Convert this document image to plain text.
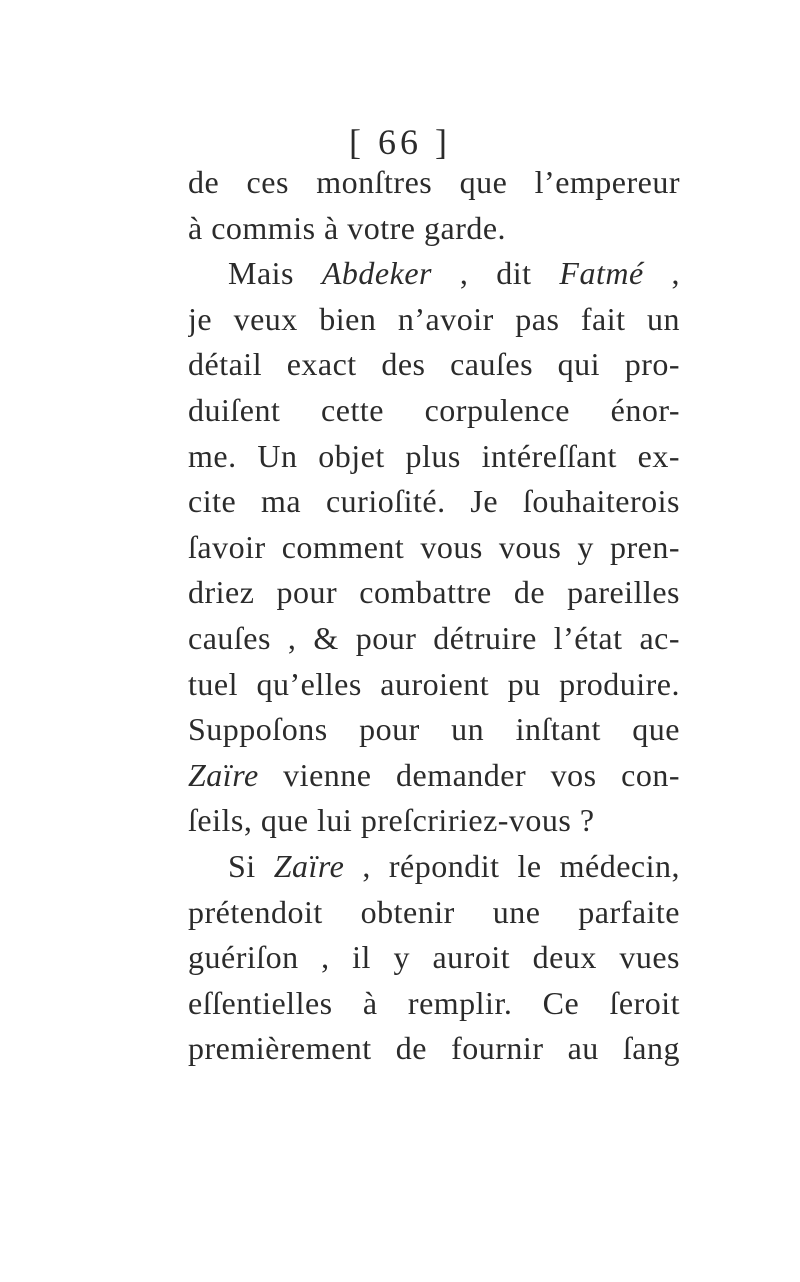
[ 66 ]
de ces monſtres que l’empereur
à commis à votre garde.
Mais Abdeker , dit Fatmé ,
je veux bien n’avoir pas fait un
détail exact des cauſes qui pro-
duiſent cette corpulence énor-
me. Un objet plus intéreſſant ex-
cite ma curioſité. Je ſouhaiterois
ſavoir comment vous vous y pren-
driez pour combattre de pareilles
cauſes , & pour détruire l’état ac-
tuel qu’elles auroient pu produire.
Suppoſons pour un inſtant que
Zaïre vienne demander vos con-
ſeils, que lui preſcririez-vous ?
Si Zaïre , répondit le médecin,
prétendoit obtenir une parfaite
guériſon , il y auroit deux vues
eſſentielles à remplir. Ce ſeroit
premièrement de fournir au ſang
